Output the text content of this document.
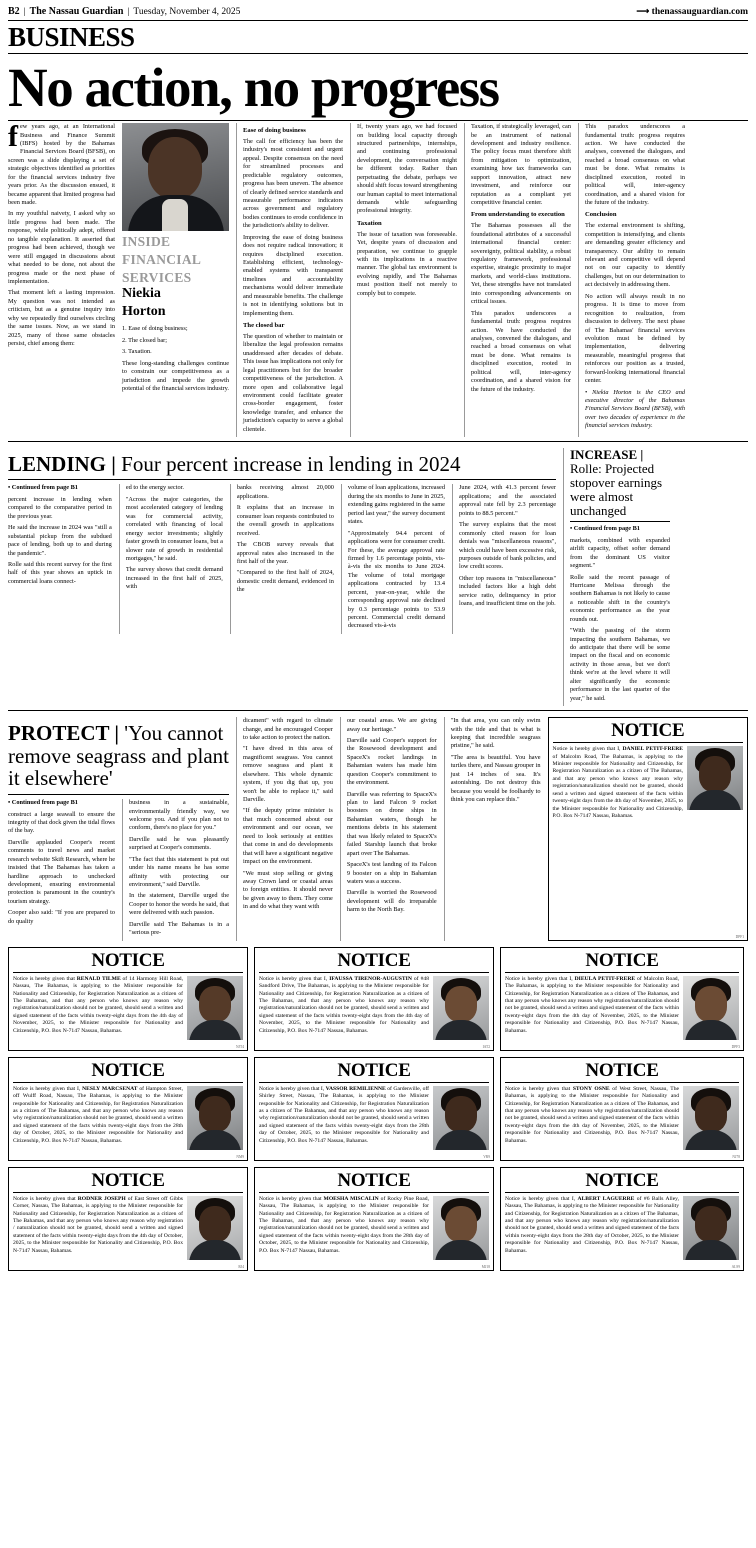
B2 | The Nassau Guardian | Tuesday, November 4, 2025	⟶ thenassauguardian.com
BUSINESS
No action, no progress

few years ago, at an International Business and Finance Summit (IBFS) hosted by the Bahamas Financial Services Board (BFSB), on screen was a slide displaying a set of strategic objectives identified as priorities for the financial services industry five years prior. As the discussion ensued, it became apparent that limited progress had been made.

In my youthful naivety, I asked why so little progress had been made. The response, while politically adept, offered no tangible explanation. It asserted that progress had been achieved, though we were still engaged in discussions about what needed to be done, not about the progress made or the next phase of implementation.

That moment left a lasting impression. My question was not intended as criticism, but as a genuine inquiry into why we repeatedly find ourselves circling the same issues. Now, as we stand in 2025, many of those same obstacles persist, chief among them:

INSIDE
FINANCIAL
SERVICES
Niekia
Horton

1. Ease of doing business;

2. The closed bar;

3. Taxation.

These long-standing challenges continue to constrain our competitiveness as a jurisdiction and impede the growth potential of the financial services industry.

Ease of doing business

The call for efficiency has been the industry's most consistent and urgent appeal. Despite consensus on the need for streamlined processes and predictable regulatory outcomes, progress has been uneven. The absence of clearly defined service standards and measurable performance indicators across government and regulatory bodies continues to erode confidence in the jurisdiction's ability to deliver.

Improving the ease of doing business does not require radical innovation; it requires disciplined execution. Establishing efficient, technology-enabled systems with transparent timelines and accountability mechanisms would deliver immediate and measurable benefits. The challenge is not in identifying solutions but in implementing them.

The closed bar

The question of whether to maintain or liberalize the legal profession remains unaddressed after decades of debate. This issue has implications not only for legal practitioners but for the broader competitiveness of the jurisdiction. A more open and collaborative legal environment could facilitate greater cross-border engagement, foster knowledge transfer, and enhance the jurisdiction's capacity to serve a global clientele.

If, twenty years ago, we had focused on building local capacity through structured partnerships, internships, and continuing professional development, the conversation might be different today. Rather than perpetuating the debate, perhaps we should shift focus toward strengthening our human capital to meet international demands while safeguarding professional integrity.

Taxation

The issue of taxation was foreseeable. Yet, despite years of discussion and preparation, we continue to grapple with its implications in a reactive manner. The global tax environment is evolving rapidly, and The Bahamas must position itself not merely to comply but to compete.

Taxation, if strategically leveraged, can be an instrument of national development and industry resilience. The policy focus must therefore shift from mitigation to optimization, examining how tax frameworks can support innovation, attract new investment, and reinforce our reputation as a compliant yet competitive financial center.

From understanding to execution

The Bahamas possesses all the foundational attributes of a successful international financial center: sovereignty, political stability, a robust regulatory framework, professional expertise, strategic proximity to major markets, and world-class institutions. Yet, these strengths have not translated into corresponding advancements on critical issues.

This paradox underscores a fundamental truth: progress requires action. We have conducted the analyses, convened the dialogues, and reached a broad consensus on what must be done. What remains is disciplined execution, rooted in political will, inter-agency coordination, and a shared vision for the future of the industry.

This paradox underscores a fundamental truth: progress requires action. We have conducted the analyses, convened the dialogues, and reached a broad consensus on what must be done. What remains is disciplined execution, rooted in political will, inter-agency coordination, and a shared vision for the future of the industry.

Conclusion

The external environment is shifting, competition is intensifying, and clients are demanding greater efficiency and transparency. Our ability to remain relevant and competitive will depend not on our capacity to identify challenges, but on our determination to act decisively in addressing them.

No action will always result in no progress. It is time to move from recognition to realization, from discussion to delivery. The next phase of The Bahamas' financial services evolution must be defined by implementation, delivering measurable, meaningful progress that reinforces our position as a trusted, forward-looking international financial center.

• Niekia Horton is the CEO and executive director of the Bahamas Financial Services Board (BFSB), with over two decades of experience in the financial services industry.

LENDING | Four percent increase in lending in 2024
• Continued from page B1

percent increase in lending when compared to the comparative period in the previous year.

He said the increase in 2024 was "still a substantial pickup from the subdued pace of lending, both up to and during the pandemic".

Rolle said this recent survey for the first half of this year shows an uptick in commercial loans connect-

ed to the energy sector.

"Across the major categories, the most accelerated category of lending was for commercial activity, correlated with financing of local energy sector investments; slightly faster growth in consumer loans, but a slower rate of growth in residential mortgages," he said.

The survey shows that credit demand increased in the first half of 2025, with

banks receiving almost 20,000 applications.

It explains that an increase in consumer loan requests contributed to the overall growth in applications received.

The CBOB survey reveals that approval rates also increased in the first half of the year.

"Compared to the first half of 2024, domestic credit demand, evidenced in the

volume of loan applications, increased during the six months to June in 2025, extending gains registered in the same period last year," the survey document states.

"Approximately 94.4 percent of applications were for consumer credit. For these, the average approval rate firmed by 1.6 percentage points, vis-à-vis the six months to June 2024. The volume of total mortgage applications contracted by 13.4 percent, year-on-year, while the corresponding approval rate declined by 0.3 percentage points to 53.9 percent. Commercial credit demand decreased vis-à-vis

June 2024, with 41.3 percent fewer applications; and the associated approval rate fell by 2.3 percentage points to 88.5 percent."

The survey explains that the most commonly cited reason for loan denials was "miscellaneous reasons", which could have been excessive risk, purposes outside of bank policies, and low credit scores.

Other top reasons in "miscellaneous" included factors like a high debt service ratio, delinquency in prior loans, and insufficient time on the job.

INCREASE | Rolle: Projected stopover earnings were almost unchanged
• Continued from page B1

markets, combined with expanded airlift capacity, offset softer demand from the dominant US visitor segment."

Rolle said the recent passage of Hurricane Melissa through the southern Bahamas is not likely to cause a noticeable shift in the country's economic performance as the year rounds out.

"With the passing of the storm impacting the southern Bahamas, we do anticipate that there will be some impact on the fiscal and on economic activity in those areas, but we don't think we're at the level where it will alter significantly the economic performance in the last quarter of the year," he said.

PROTECT | 'You cannot remove seagrass and plant it elsewhere'
• Continued from page B1

construct a large seawall to ensure the integrity of that dock given the tidal flows of the bay.

Darville applauded Cooper's recent comments to travel news and market research website Skift Research, where he insisted that The Bahamas has taken a hardline approach to unchecked development, ensuring environmental protection is paramount in the country's tourism strategy.

Cooper also said: "If you are prepared to do quality

business in a sustainable, environmentally friendly way, we welcome you. And if you plan not to conform, there's no place for you."

Darville said he was pleasantly surprised at Cooper's comments.

"The fact that this statement is put out under his name means he has some affinity with protecting our environment," said Darville.

In the statement, Darville urged the Cooper to honor the words he said, that were delivered with such passion.

Darville said The Bahamas is in a "serious pre-

dicament" with regard to climate change, and he encouraged Cooper to take action to protect the nation.

"I have dived in this area of magnificent seagrass. You cannot remove seagrass and plant it elsewhere. This whole dynamic system, if you dig that up, you won't be able to replace it," said Darville.

"If the deputy prime minister is that much concerned about our environment and our ocean, we need to look seriously at entities that come in and do developments that will have a significant negative impact on the environment.

"We must stop selling or giving away Crown land or coastal areas to foreign entities. It should never be given away to them. They come in and do what they want with

our coastal areas. We are giving away our heritage."

Darville said Cooper's support for the Rosewood development and SpaceX's rocket landings in Bahamian waters has made him question Cooper's commitment to the environment.

Darville was referring to SpaceX's plan to land Falcon 9 rocket boosters on drone ships in Bahamian waters, though he mentions debris in his statement that was likely related to SpaceX's failed Starship launch that broke apart over The Bahamas.

SpaceX's test landing of its Falcon 9 booster on a ship in Bahamian waters was a success.

Darville is worried the Rosewood development will do irreparable harm to the North Bay.

"In that area, you can only swim with the tide and that is what is keeping that incredible seagrass pristine," he said.

"The area is beautiful. You have turtles there, and Nassau grouper in just 14 inches of sea. It's astonishing. Do not destroy this because you would be foolhardy to think you can replace this."

NOTICE
Notice is hereby given that I, DANIEL PETIT-FRERE of Malcolm Road, The Bahamas, is applying to the Minister responsible for Nationality and Citizenship, for Registration Naturalization as a citizen of The Bahamas, and that any person who knows any reason why registration/naturalization should not be granted, should send a written and signed statement of the facts within twenty-eight days from the 4th day of November, 2025, to the Minister responsible for Nationality and Citizenship, P.O. Box N-7147 Nassau, Bahamas.
DPF1
NOTICE
Notice is hereby given that RENALD TILME of 14 Harmony Hill Road, Nassau, The Bahamas, is applying to the Minister responsible for Nationality and Citizenship, for Registration Naturalization as a citizen of The Bahamas, and that any person who knows any reason why registration/naturalization should not be granted, should send a written and signed statement of the facts within twenty-eight days from the 4th day of November, 2025, to the Minister responsible for Nationality and Citizenship, P.O. Box N-7147 Nassau, Bahamas.
NJT4
NOTICE
Notice is hereby given that I, IFAUSSA TIRENOR-AUGUSTIN of #48 Sandford Drive, The Bahamas, is applying to the Minister responsible for Nationality and Citizenship, for Registration Naturalization as a citizen of The Bahamas, and that any person who knows any reason why registration/naturalization should not be granted, should send a written and signed statement of the facts within twenty-eight days from the 4th day of November, 2025, to the Minister responsible for Nationality and Citizenship, P.O. Box N-7147 Nassau, Bahamas.
IAT2
NOTICE
Notice is hereby given that I, DIEULA PETIT-FRERE of Malcolm Road, The Bahamas, is applying to the Minister responsible for Nationality and Citizenship, for Registration Naturalization as a citizen of The Bahamas, and that any person who knows any reason why registration/naturalization should not be granted, should send a written and signed statement of the facts within twenty-eight days from the 4th day of November, 2025, to the Minister responsible for Nationality and Citizenship, P.O. Box N-7147 Nassau, Bahamas.
DPF3
NOTICE
Notice is hereby given that I, NESLY MARCSENAT of Hampton Street, off Wulff Road, Nassau, The Bahamas, is applying to the Minister responsible for Nationality and Citizenship, for Registration Naturalization as a citizen of The Bahamas, and that any person who knows any reason why registration/naturalization should not be granted, should send a written and signed statement of the facts within twenty-eight days from the 28th day of October, 2025, to the Minister responsible for Nationality and Citizenship, P.O. Box N-7147 Nassau, Bahamas.
NM9
NOTICE
Notice is hereby given that I, VASSOR REMILIENNE of Gardenville, off Shirley Street, Nassau, The Bahamas, is applying to the Minister responsible for Nationality and Citizenship, for Registration Naturalization as a citizen of The Bahamas, and that any person who knows any reason why registration/naturalization should not be granted, should send a written and signed statement of the facts within twenty-eight days from the 28th day of October, 2025, to the Minister responsible for Nationality and Citizenship, P.O. Box N-7147 Nassau, Bahamas.
VR9
NOTICE
Notice is hereby given that STONY OSNE of West Street, Nassau, The Bahamas, is applying to the Minister responsible for Nationality and Citizenship, for Registration Naturalization as a citizen of The Bahamas, and that any person who knows any reason why registration/naturalization should not be granted, should send a written and signed statement of the facts within twenty-eight days from the 4th day of November, 2025, to the Minister responsible for Nationality and Citizenship, P.O. Box N-7147 Nassau, Bahamas.
NJ78
NOTICE
Notice is hereby given that RODNER JOSEPH of East Street off Gibbs Corner, Nassau, The Bahamas, is applying to the Minister responsible for Nationality and Citizenship, for Registration Naturalization as a citizen of The Bahamas, and that any person who knows any reason why registration / naturalization should not be granted, should send a written and signed statement of the facts within twenty-eight days from the 4th day of October, 2025, to the Minister responsible for Nationality and Citizenship, P.O. Box N-7147 Nassau, Bahamas.
RJ4
NOTICE
Notice is hereby given that MOESHA MISCALIN of Rocky Pine Road, Nassau, The Bahamas, is applying to the Minister responsible for Nationality and Citizenship, for Registration Naturalization as a citizen of The Bahamas, and that any person who knows any reason why registration/naturalization should not be granted, should send a written and signed statement of the facts within twenty-eight days from the 28th day of October, 2025, to the Minister responsible for Nationality and Citizenship, P.O. Box N-7147 Nassau, Bahamas.
MJ18
NOTICE
Notice is hereby given that I, ALBERT LAGUERRE of #6 Balls Alley, Nassau, The Bahamas, is applying to the Minister responsible for Nationality and Citizenship, for Registration Naturalization as a citizen of The Bahamas, and that any person who knows any reason why registration/naturalization should not be granted, should send a written and signed statement of the facts within twenty-eight days from the 28th day of October, 2025, to the Minister responsible for Nationality and Citizenship, P.O. Box N-7147 Nassau, Bahamas.
AL99
